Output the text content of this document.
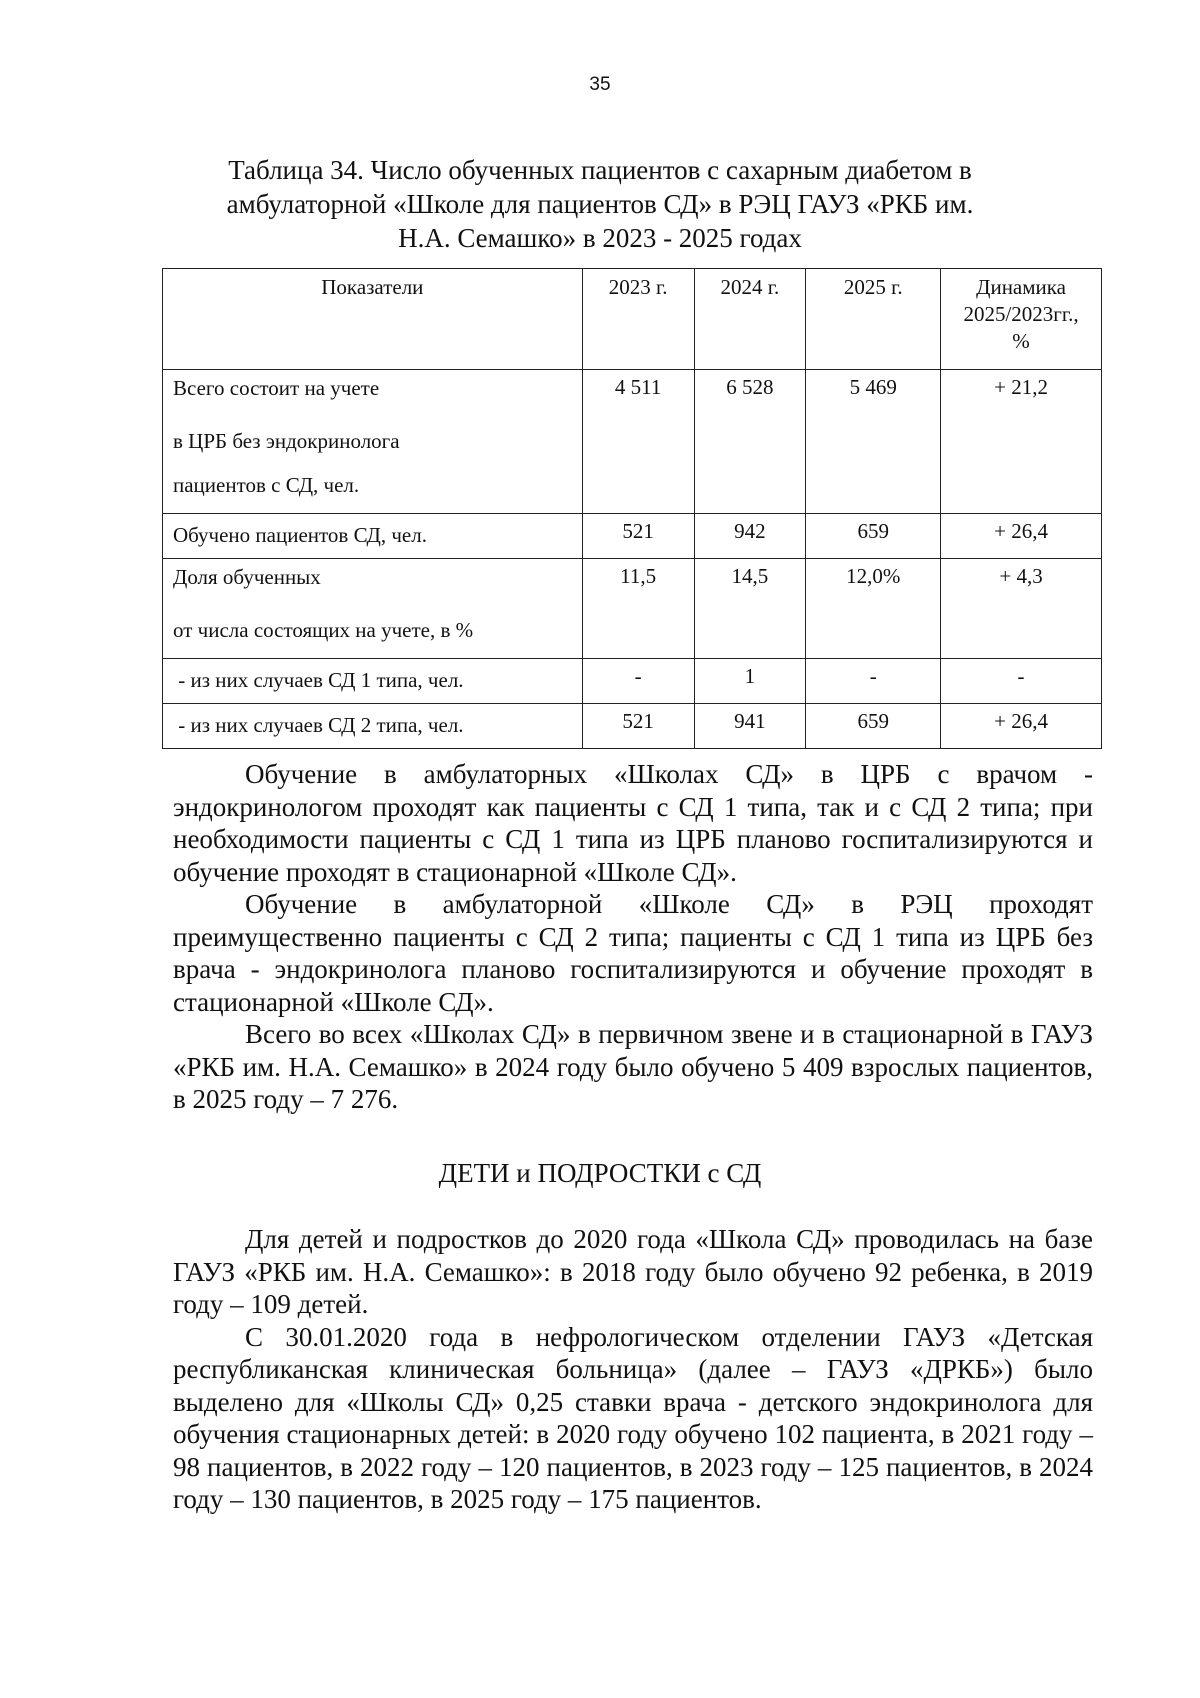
35
Таблица 34. Число обученных пациентов с сахарным диабетом в
амбулаторной «Школе для пациентов СД» в РЭЦ ГАУЗ «РКБ им.
Н.А. Семашко» в 2023 - 2025 годах
Показатели	2023 г.	2024 г.	2025 г.	Динамика
2025/2023гг.,
%

Всего состоит на учете
в ЦРБ без эндокринолога
пациентов с СД, чел.	4 511	6 528	5 469	+ 21,2
Обучено пациентов СД, чел.	521	942	659	+ 26,4

Доля обученных
от числа состоящих на учете, в %	11,5	14,5	12,0%	+ 4,3
- из них случаев СД 1 типа, чел.	-	1	-	-
- из них случаев СД 2 типа, чел.	521	941	659	+ 26,4

Обучение в амбулаторных «Школах СД» в ЦРБ с врачом - эндокринологом проходят как пациенты с СД 1 типа, так и с СД 2 типа; при необходимости пациенты с СД 1 типа из ЦРБ планово госпитализируются и обучение проходят в стационарной «Школе СД».

Обучение в амбулаторной «Школе СД» в РЭЦ проходят преимущественно пациенты с СД 2 типа; пациенты с СД 1 типа из ЦРБ без врача - эндокринолога планово госпитализируются и обучение проходят в стационарной «Школе СД».

Всего во всех «Школах СД» в первичном звене и в стационарной в ГАУЗ «РКБ им. Н.А. Семашко» в 2024 году было обучено 5 409 взрослых пациентов, в 2025 году – 7 276.

ДЕТИ и ПОДРОСТКИ с СД

Для детей и подростков до 2020 года «Школа СД» проводилась на базе ГАУЗ «РКБ им. Н.А. Семашко»: в 2018 году было обучено 92 ребенка, в 2019 году – 109 детей.

С 30.01.2020 года в нефрологическом отделении ГАУЗ «Детская республиканская клиническая больница» (далее – ГАУЗ «ДРКБ») было выделено для «Школы СД» 0,25 ставки врача - детского эндокринолога для обучения стационарных детей: в 2020 году обучено 102 пациента, в 2021 году – 98 пациентов, в 2022 году – 120 пациентов, в 2023 году – 125 пациентов, в 2024 году – 130 пациентов, в 2025 году – 175 пациентов.
